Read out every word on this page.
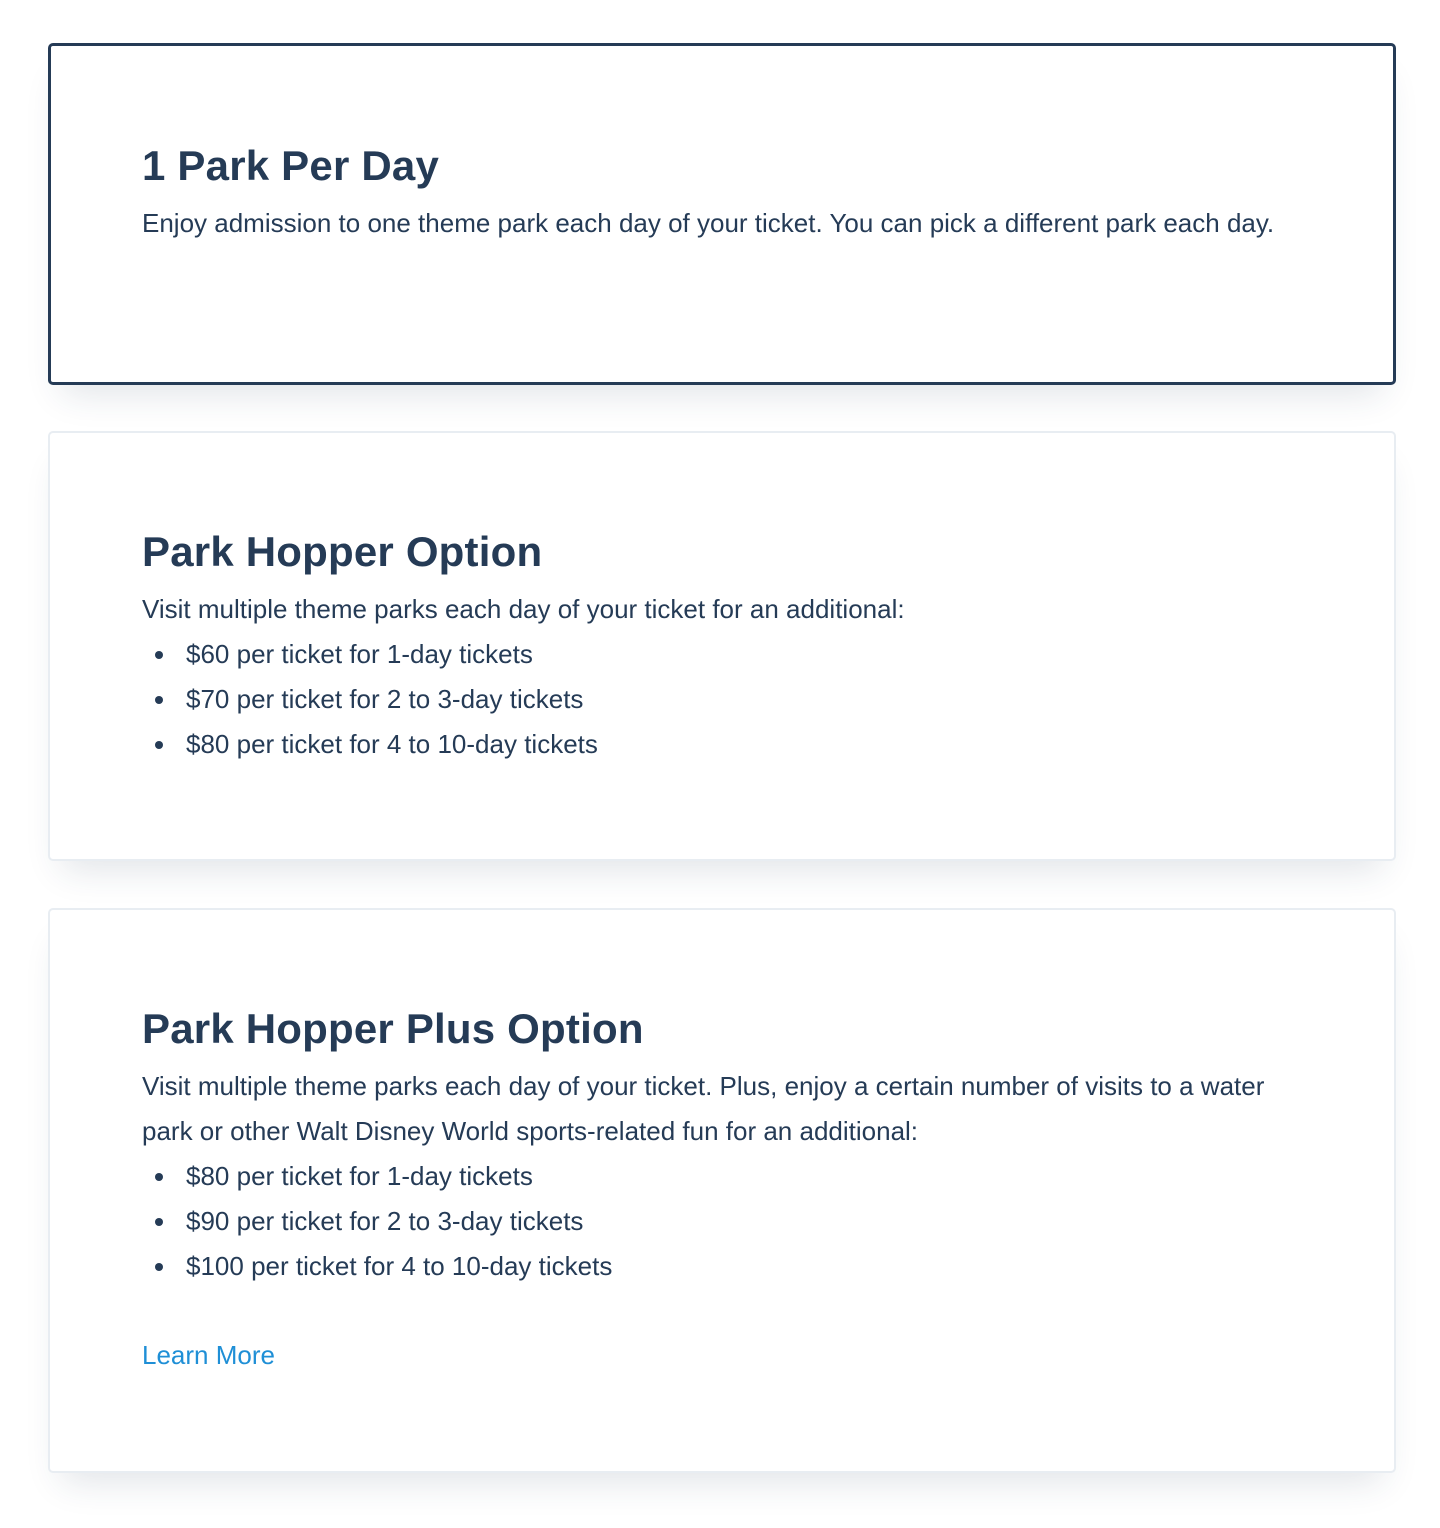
1 Park Per Day

Enjoy admission to one theme park each day of your ticket. You can pick a different park each day.

Park Hopper Option

Visit multiple theme parks each day of your ticket for an additional:

$60 per ticket for 1-day tickets
$70 per ticket for 2 to 3-day tickets
$80 per ticket for 4 to 10-day tickets
Park Hopper Plus Option

Visit multiple theme parks each day of your ticket. Plus, enjoy a certain number of visits to a water park or other Walt Disney World sports-related fun for an additional:

$80 per ticket for 1-day tickets
$90 per ticket for 2 to 3-day tickets
$100 per ticket for 4 to 10-day tickets
Learn More
